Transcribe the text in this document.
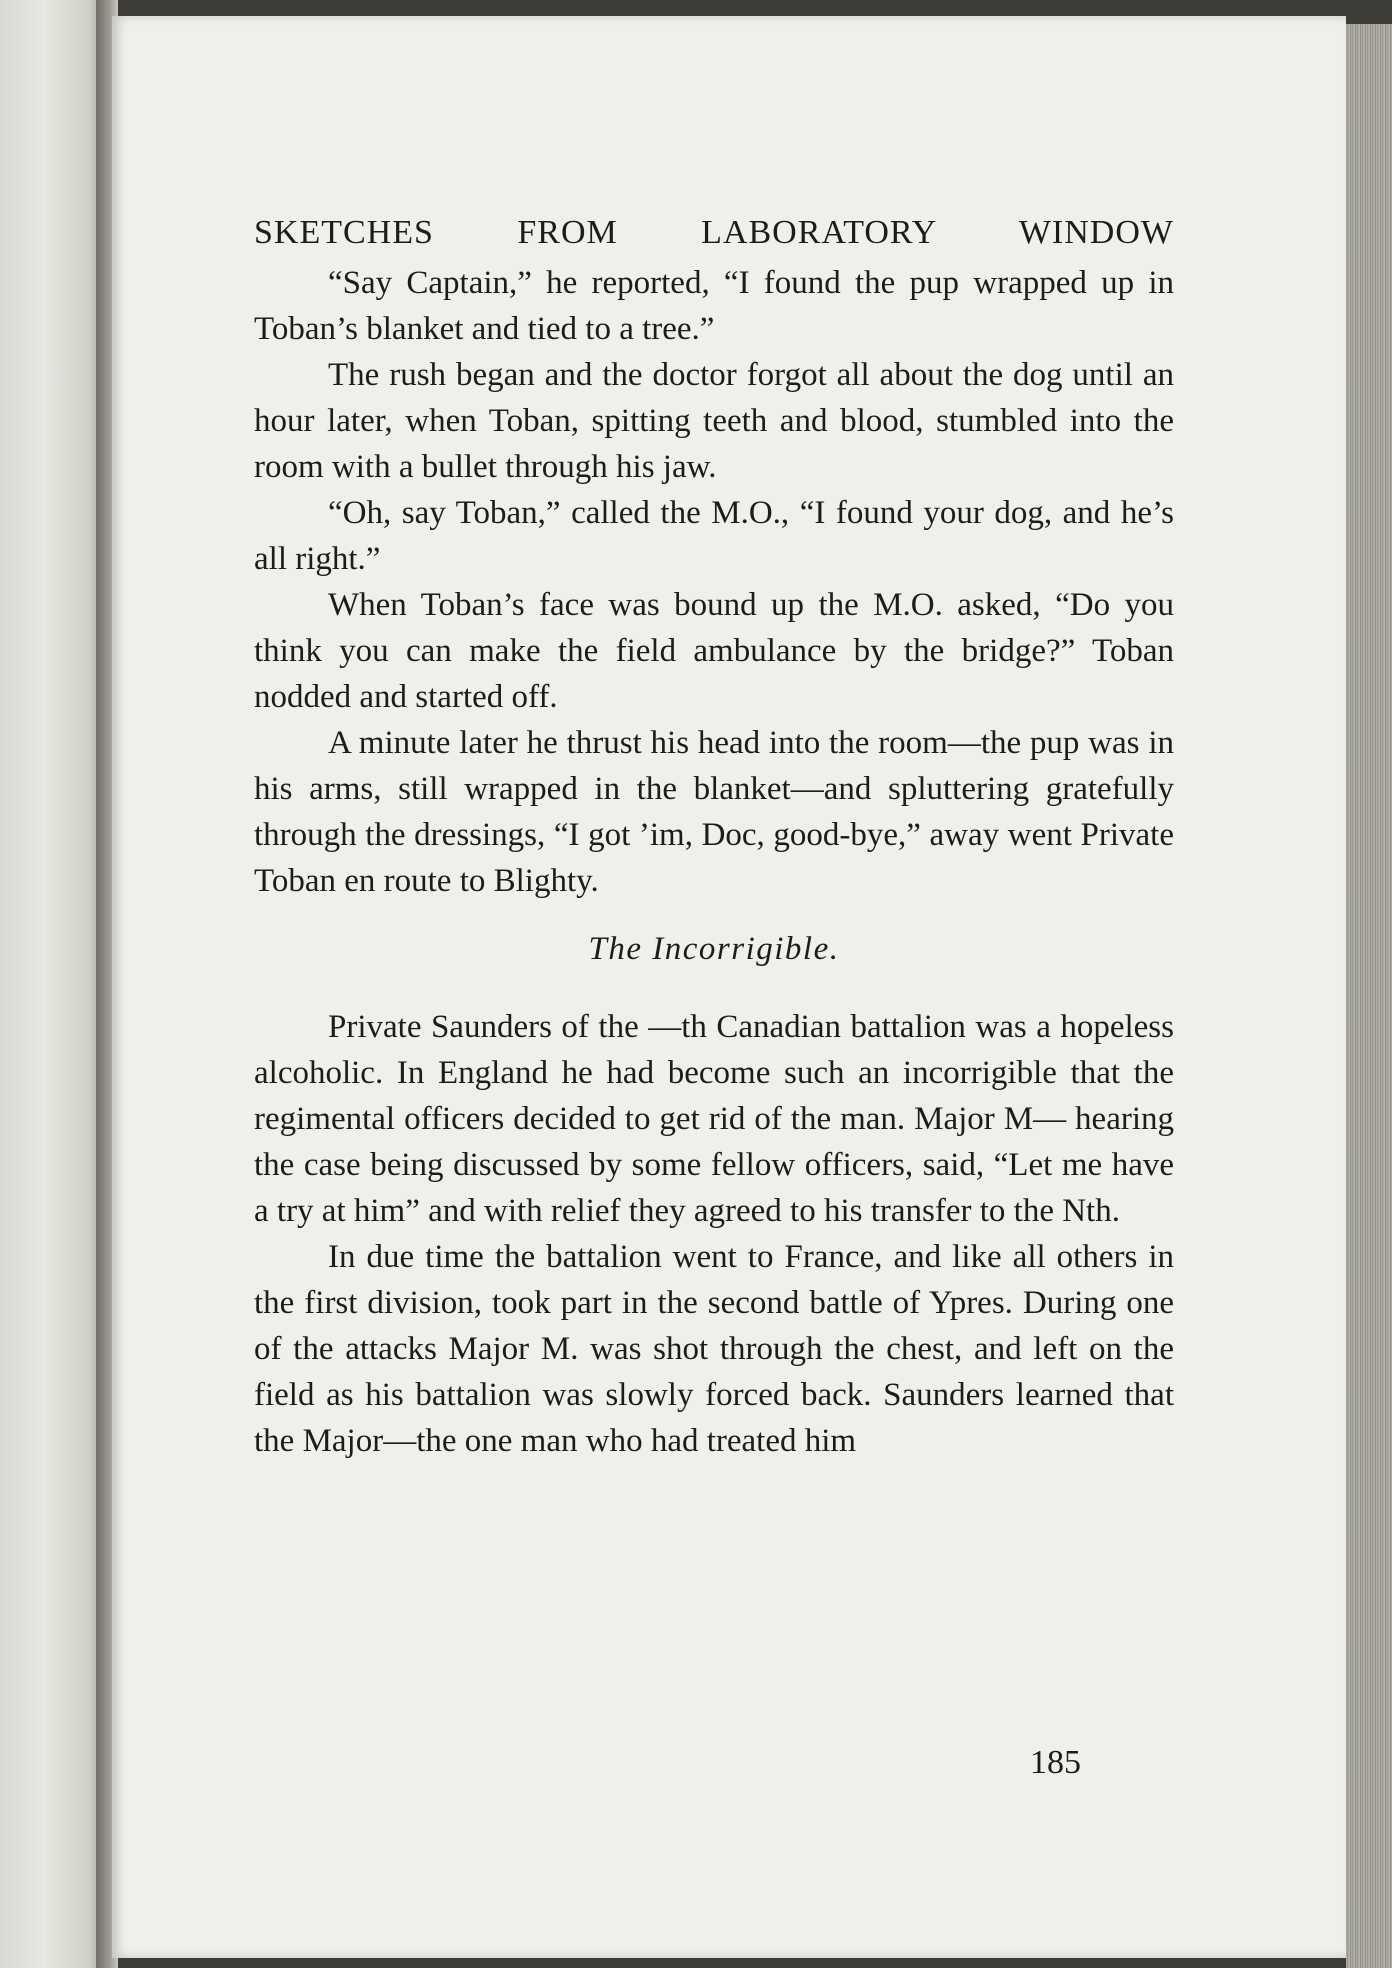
SKETCHES FROM LABORATORY WINDOW

“Say Captain,” he reported, “I found the pup wrapped up in Toban’s blanket and tied to a tree.”

The rush began and the doctor forgot all about the dog until an hour later, when Toban, spitting teeth and blood, stumbled into the room with a bullet through his jaw.

“Oh, say Toban,” called the M.O., “I found your dog, and he’s all right.”

When Toban’s face was bound up the M.O. asked, “Do you think you can make the field ambulance by the bridge?” Toban nodded and started off.

A minute later he thrust his head into the room—the pup was in his arms, still wrapped in the blanket—and spluttering gratefully through the dressings, “I got ’im, Doc, good-bye,” away went Private Toban en route to Blighty.

The Incorrigible.

Private Saunders of the —th Canadian battalion was a hopeless alcoholic. In England he had become such an incorrigible that the regimental officers decided to get rid of the man. Major M— hearing the case being discussed by some fellow officers, said, “Let me have a try at him” and with relief they agreed to his transfer to the Nth.

In due time the battalion went to France, and like all others in the first division, took part in the second battle of Ypres. During one of the attacks Major M. was shot through the chest, and left on the field as his battalion was slowly forced back. Saunders learned that the Major—the one man who had treated him

185
